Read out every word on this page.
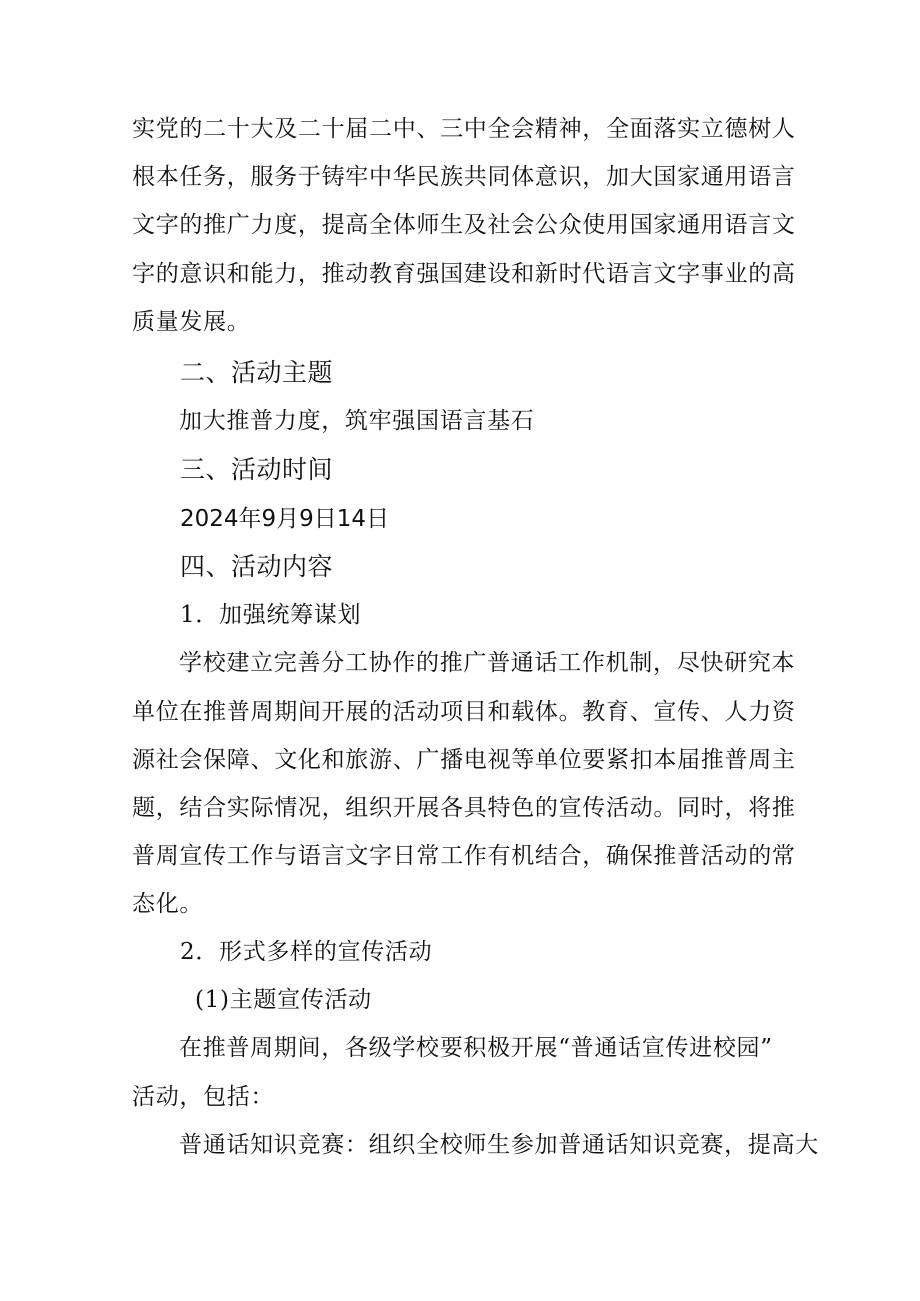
实党的二十大及二十届二中、三中全会精神，全面落实立德树人
根本任务，服务于铸牢中华民族共同体意识，加大国家通用语言
文字的推广力度，提高全体师生及社会公众使用国家通用语言文
字的意识和能力，推动教育强国建设和新时代语言文字事业的高
质量发展。
二、活动主题
加大推普力度，筑牢强国语言基石
三、活动时间
2024年9月9日14日
四、活动内容
1．加强统筹谋划
学校建立完善分工协作的推广普通话工作机制，尽快研究本
单位在推普周期间开展的活动项目和载体。教育、宣传、人力资
源社会保障、文化和旅游、广播电视等单位要紧扣本届推普周主
题，结合实际情况，组织开展各具特色的宣传活动。同时，将推
普周宣传工作与语言文字日常工作有机结合，确保推普活动的常
态化。
2．形式多样的宣传活动
(1)主题宣传活动
在推普周期间，各级学校要积极开展“普通话宣传进校园”
活动，包括：
普通话知识竞赛：组织全校师生参加普通话知识竞赛，提高大
